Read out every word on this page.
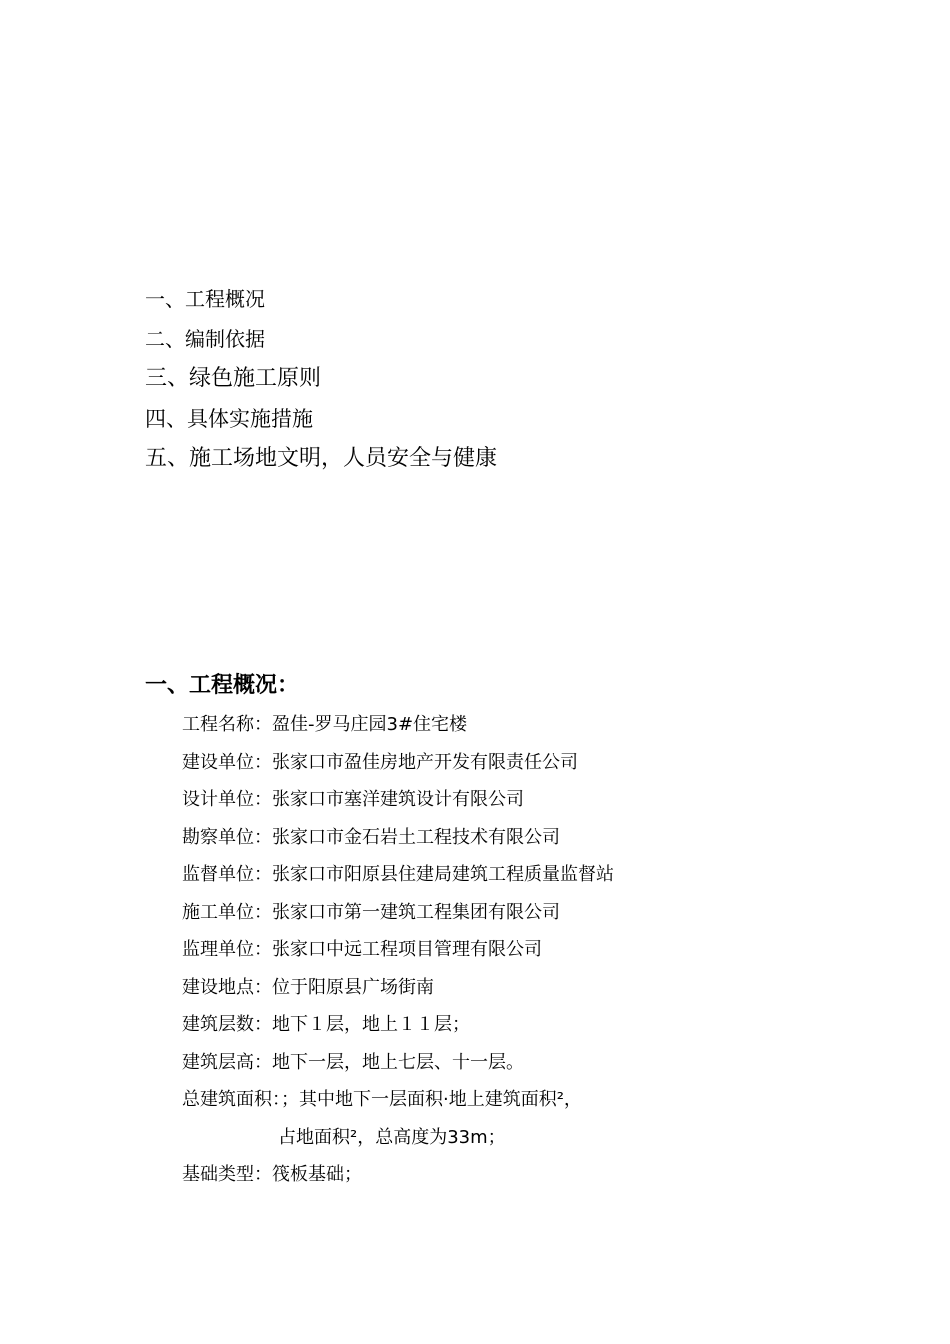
一、工程概况
二、编制依据
三、绿色施工原则
四、具体实施措施
五、施工场地文明，人员安全与健康
一、工程概况：
工程名称：盈佳-罗马庄园3#住宅楼
建设单位：张家口市盈佳房地产开发有限责任公司
设计单位：张家口市塞洋建筑设计有限公司
勘察单位：张家口市金石岩土工程技术有限公司
监督单位：张家口市阳原县住建局建筑工程质量监督站
施工单位：张家口市第一建筑工程集团有限公司
监理单位：张家口中远工程项目管理有限公司
建设地点：位于阳原县广场街南
建筑层数：地下１层，地上１１层；
建筑层高：地下一层，地上七层、十一层。
总建筑面积：；其中地下一层面积·地上建筑面积²，
占地面积²，总高度为33m；
基础类型：筏板基础；
